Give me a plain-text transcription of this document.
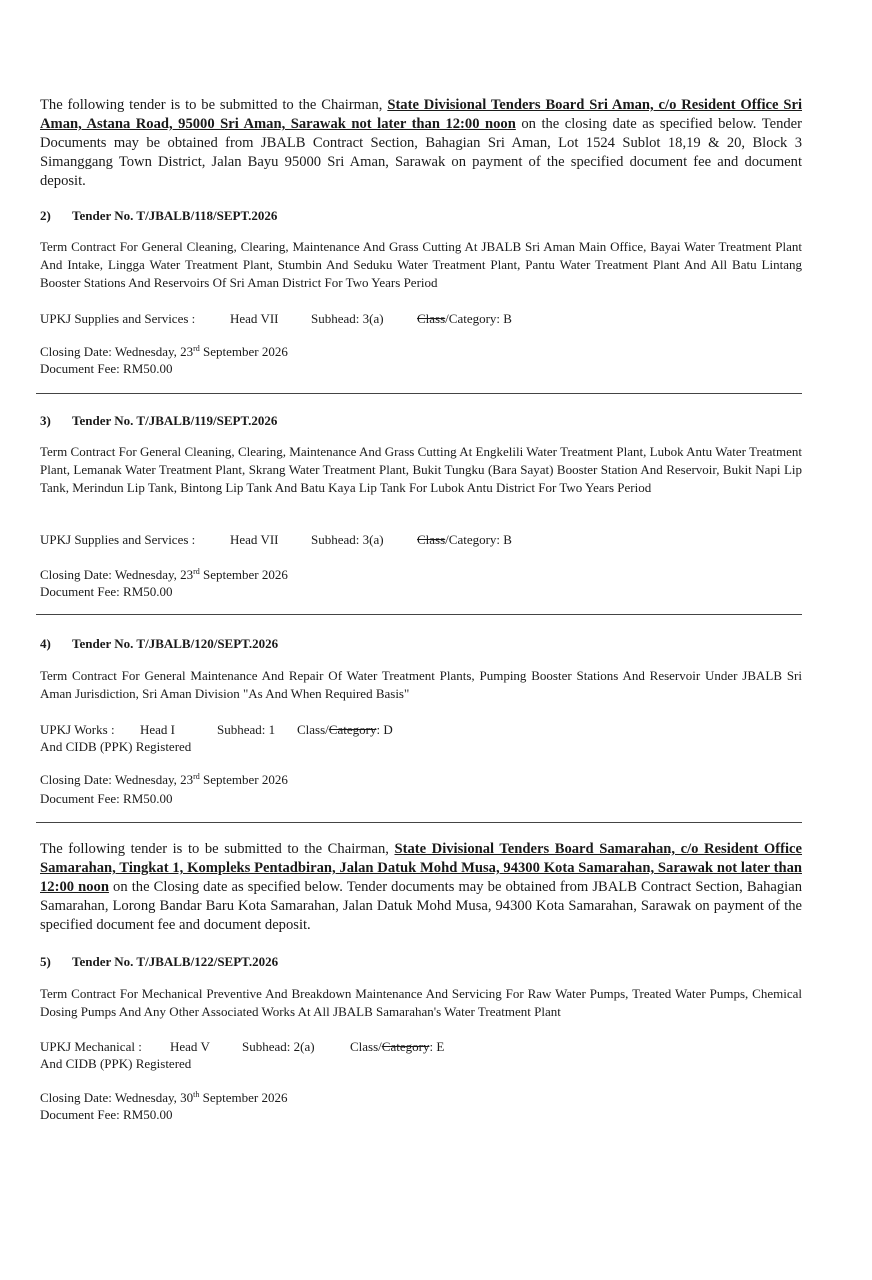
The following tender is to be submitted to the Chairman, State Divisional Tenders Board Sri Aman, c/o Resident Office Sri Aman, Astana Road, 95000 Sri Aman, Sarawak not later than 12:00 noon on the closing date as specified below. Tender Documents may be obtained from JBALB Contract Section, Bahagian Sri Aman, Lot 1524 Sublot 18,19 & 20, Block 3 Simanggang Town District, Jalan Bayu 95000 Sri Aman, Sarawak on payment of the specified document fee and document deposit.
2) Tender No. T/JBALB/118/SEPT.2026
Term Contract For General Cleaning, Clearing, Maintenance And Grass Cutting At JBALB Sri Aman Main Office, Bayai Water Treatment Plant And Intake, Lingga Water Treatment Plant, Stumbin And Seduku Water Treatment Plant, Pantu Water Treatment Plant And All Batu Lintang Booster Stations And Reservoirs Of Sri Aman District For Two Years Period
UPKJ Supplies and Services :	Head VII	Subhead: 3(a)	Class/Category: B
Closing Date: Wednesday, 23rd September 2026
Document Fee: RM50.00
3) Tender No. T/JBALB/119/SEPT.2026
Term Contract For General Cleaning, Clearing, Maintenance And Grass Cutting At Engkelili Water Treatment Plant, Lubok Antu Water Treatment Plant, Lemanak Water Treatment Plant, Skrang Water Treatment Plant, Bukit Tungku (Bara Sayat) Booster Station And Reservoir, Bukit Napi Lip Tank, Merindun Lip Tank, Bintong Lip Tank And Batu Kaya Lip Tank For Lubok Antu District For Two Years Period
UPKJ Supplies and Services :	Head VII	Subhead: 3(a)	Class/Category: B
Closing Date: Wednesday, 23rd September 2026
Document Fee: RM50.00
4) Tender No. T/JBALB/120/SEPT.2026
Term Contract For General Maintenance And Repair Of Water Treatment Plants, Pumping Booster Stations And Reservoir Under JBALB Sri Aman Jurisdiction, Sri Aman Division "As And When Required Basis"
UPKJ Works : Head I	Subhead: 1 Class/Category: D
And CIDB (PPK) Registered
Closing Date: Wednesday, 23rd September 2026
Document Fee: RM50.00
The following tender is to be submitted to the Chairman, State Divisional Tenders Board Samarahan, c/o Resident Office Samarahan, Tingkat 1, Kompleks Pentadbiran, Jalan Datuk Mohd Musa, 94300 Kota Samarahan, Sarawak not later than 12:00 noon on the Closing date as specified below. Tender documents may be obtained from JBALB Contract Section, Bahagian Samarahan, Lorong Bandar Baru Kota Samarahan, Jalan Datuk Mohd Musa, 94300 Kota Samarahan, Sarawak on payment of the specified document fee and document deposit.
5) Tender No. T/JBALB/122/SEPT.2026
Term Contract For Mechanical Preventive And Breakdown Maintenance And Servicing For Raw Water Pumps, Treated Water Pumps, Chemical Dosing Pumps And Any Other Associated Works At All JBALB Samarahan's Water Treatment Plant
UPKJ Mechanical : Head V Subhead: 2(a)	Class/Category: E
And CIDB (PPK) Registered
Closing Date: Wednesday, 30th September 2026
Document Fee: RM50.00
